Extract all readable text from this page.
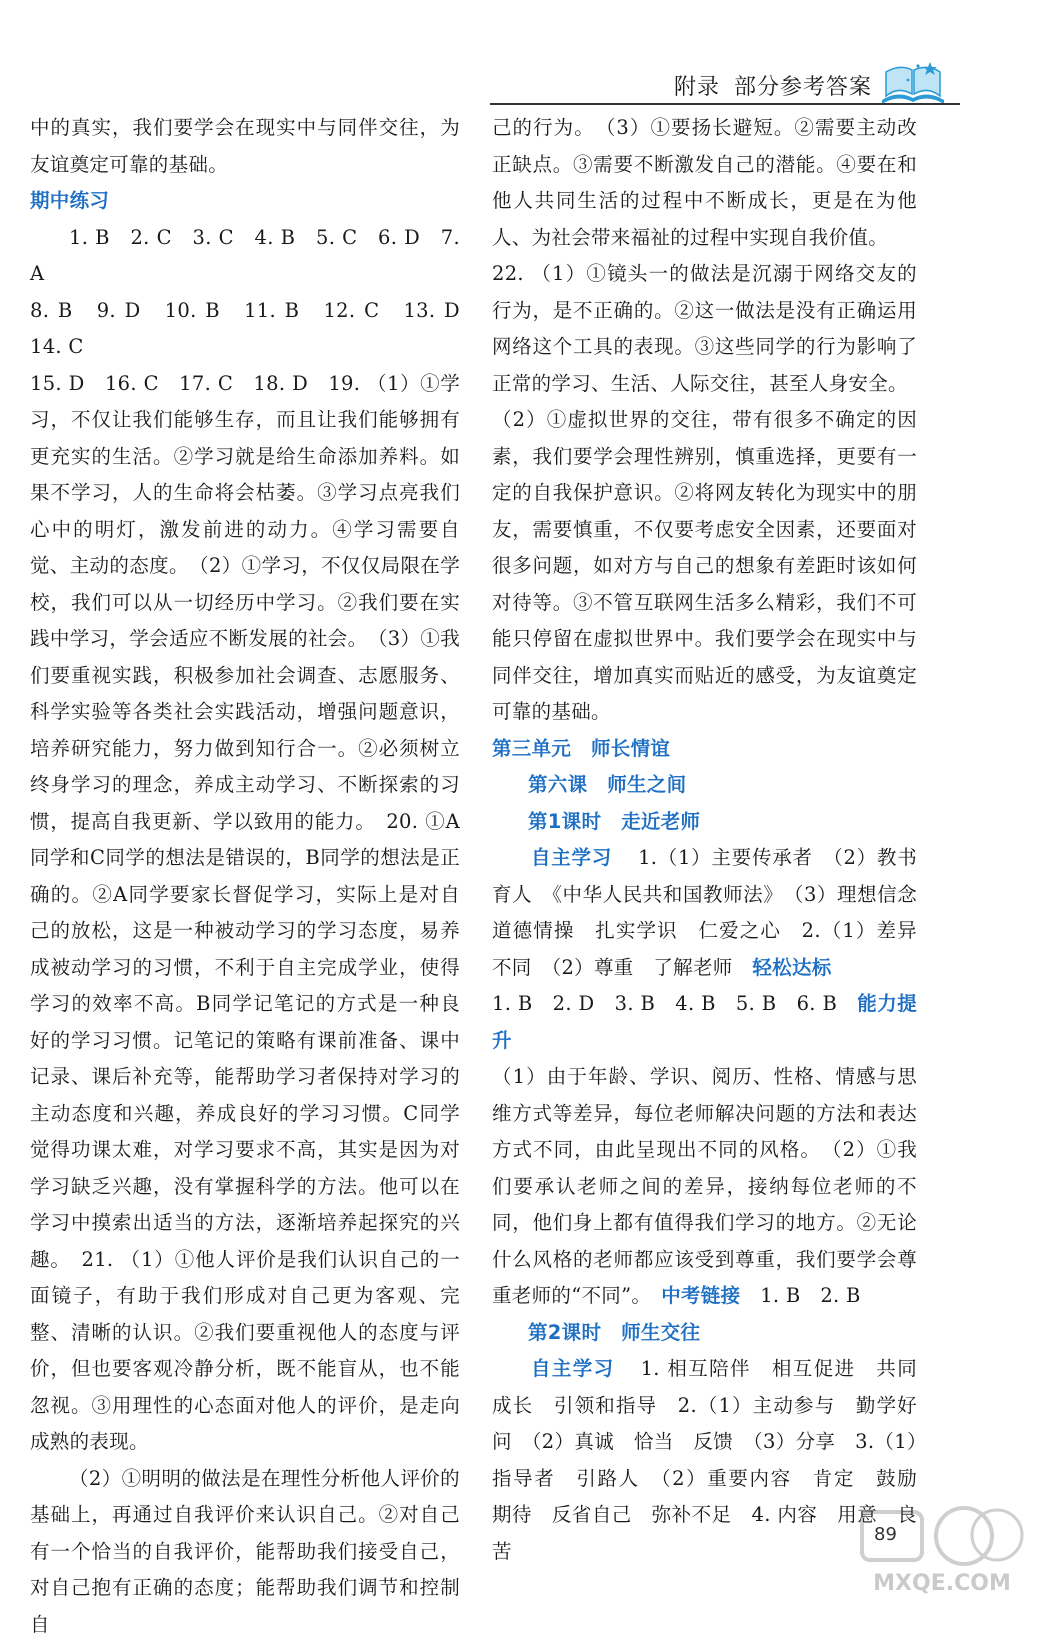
附录 部分参考答案

中的真实，我们要学会在现实中与同伴交往，为友谊奠定可靠的基础。

期中练习

1. B　2. C　3. C　4. B　5. C　6. D　7. A

8. B　9. D　10. B　11. B　12. C　13. D　14. C

15. D　16. C　17. C　18. D　19. （1）①学习，不仅让我们能够生存，而且让我们能够拥有更充实的生活。②学习就是给生命添加养料。如果不学习，人的生命将会枯萎。③学习点亮我们心中的明灯，激发前进的动力。④学习需要自觉、主动的态度。　（2）①学习，不仅仅局限在学校，我们可以从一切经历中学习。②我们要在实践中学习，学会适应不断发展的社会。　（3）①我们要重视实践，积极参加社会调查、志愿服务、科学实验等各类社会实践活动，增强问题意识，培养研究能力，努力做到知行合一。②必须树立终身学习的理念，养成主动学习、不断探索的习惯，提高自我更新、学以致用的能力。　20. ①A同学和C同学的想法是错误的，B同学的想法是正确的。②A同学要家长督促学习，实际上是对自己的放松，这是一种被动学习的学习态度，易养成被动学习的习惯，不利于自主完成学业，使得学习的效率不高。B同学记笔记的方式是一种良好的学习习惯。记笔记的策略有课前准备、课中记录、课后补充等，能帮助学习者保持对学习的主动态度和兴趣，养成良好的学习习惯。C同学觉得功课太难，对学习要求不高，其实是因为对学习缺乏兴趣，没有掌握科学的方法。他可以在学习中摸索出适当的方法，逐渐培养起探究的兴趣。　21. （1）①他人评价是我们认识自己的一面镜子，有助于我们形成对自己更为客观、完整、清晰的认识。②我们要重视他人的态度与评价，但也要客观冷静分析，既不能盲从，也不能忽视。③用理性的心态面对他人的评价，是走向成熟的表现。

（2）①明明的做法是在理性分析他人评价的基础上，再通过自我评价来认识自己。②对自己有一个恰当的自我评价，能帮助我们接受自己，对自己抱有正确的态度；能帮助我们调节和控制自

己的行为。　（3）①要扬长避短。②需要主动改正缺点。③需要不断激发自己的潜能。④要在和他人共同生活的过程中不断成长，更是在为他人、为社会带来福祉的过程中实现自我价值。

22. （1）①镜头一的做法是沉溺于网络交友的行为，是不正确的。②这一做法是没有正确运用网络这个工具的表现。③这些同学的行为影响了正常的学习、生活、人际交往，甚至人身安全。

（2）①虚拟世界的交往，带有很多不确定的因素，我们要学会理性辨别，慎重选择，更要有一定的自我保护意识。②将网友转化为现实中的朋友，需要慎重，不仅要考虑安全因素，还要面对很多问题，如对方与自己的想象有差距时该如何对待等。③不管互联网生活多么精彩，我们不可能只停留在虚拟世界中。我们要学会在现实中与同伴交往，增加真实而贴近的感受，为友谊奠定可靠的基础。

第三单元　师长情谊

第六课　师生之间

第1课时　走近老师

自主学习 1.（1）主要传承者　（2）教书育人　《中华人民共和国教师法》　（3）理想信念　道德情操　扎实学识　仁爱之心　2.（1）差异　不同　（2）尊重　了解老师　轻松达标
1. B　2. D　3. B　4. B　5. B　6. B　能力提升
（1）由于年龄、学识、阅历、性格、情感与思维方式等差异，每位老师解决问题的方法和表达方式不同，由此呈现出不同的风格。　（2）①我们要承认老师之间的差异，接纳每位老师的不同，他们身上都有值得我们学习的地方。②无论什么风格的老师都应该受到尊重，我们要学会尊重老师的“不同”。　中考链接　 1. B　2. B

第2课时　师生交往

自主学习 1. 相互陪伴　相互促进　共同成长　引领和指导　2.（1）主动参与　勤学好问　（2）真诚　恰当　反馈　（3）分享　3.（1）指导者　引路人　（2）重要内容　肯定　鼓励　期待　反省自己　弥补不足　4. 内容　用意　良苦

89
MXQE.COM
